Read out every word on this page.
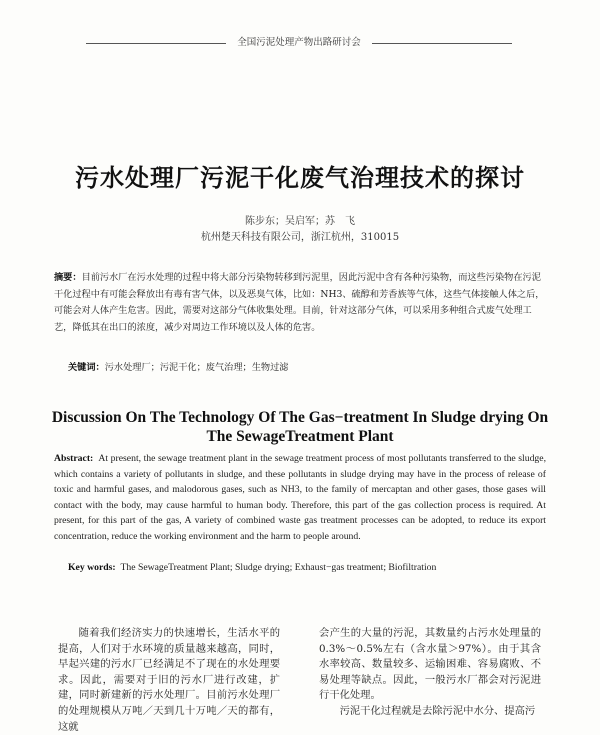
全国污泥处理产物出路研讨会
污水处理厂污泥干化废气治理技术的探讨
陈步东；吴启军；苏　飞
杭州楚天科技有限公司，浙江杭州，310015
摘要：目前污水厂在污水处理的过程中将大部分污染物转移到污泥里，因此污泥中含有各种污染物，而这些污染物在污泥干化过程中有可能会释放出有毒有害气体，以及恶臭气体，比如：NH3、硫醇和芳香族等气体，这些气体接触人体之后，可能会对人体产生危害。因此，需要对这部分气体收集处理。目前，针对这部分气体，可以采用多种组合式废气处理工艺，降低其在出口的浓度，减少对周边工作环境以及人体的危害。
关键词：污水处理厂；污泥干化；废气治理；生物过滤
Discussion On The Technology Of The Gas−treatment In Sludge drying On
The SewageTreatment Plant
Abstract: At present, the sewage treatment plant in the sewage treatment process of most pollutants transferred to the sludge, which contains a variety of pollutants in sludge, and these pollutants in sludge drying may have in the process of release of toxic and harmful gases, and malodorous gases, such as NH3, to the family of mercaptan and other gases, those gases will contact with the body, may cause harmful to human body. Therefore, this part of the gas collection process is required. At present, for this part of the gas, A variety of combined waste gas treatment processes can be adopted, to reduce its export concentration, reduce the working environment and the harm to people around.
Key words: The SewageTreatment Plant; Sludge drying; Exhaust−gas treatment; Biofiltration

随着我们经济实力的快速增长，生活水平的提高，人们对于水环境的质量越来越高，同时，早起兴建的污水厂已经满足不了现在的水处理要求。因此，需要对于旧的污水厂进行改建，扩建，同时新建新的污水处理厂。目前污水处理厂的处理规模从万吨／天到几十万吨／天的都有，这就

会产生的大量的污泥，其数量约占污水处理量的0.3%～0.5%左右（含水量＞97%）。由于其含水率较高、数量较多、运输困难、容易腐败、不易处理等缺点。因此，一般污水厂都会对污泥进行干化处理。

污泥干化过程就是去除污泥中水分、提高污
